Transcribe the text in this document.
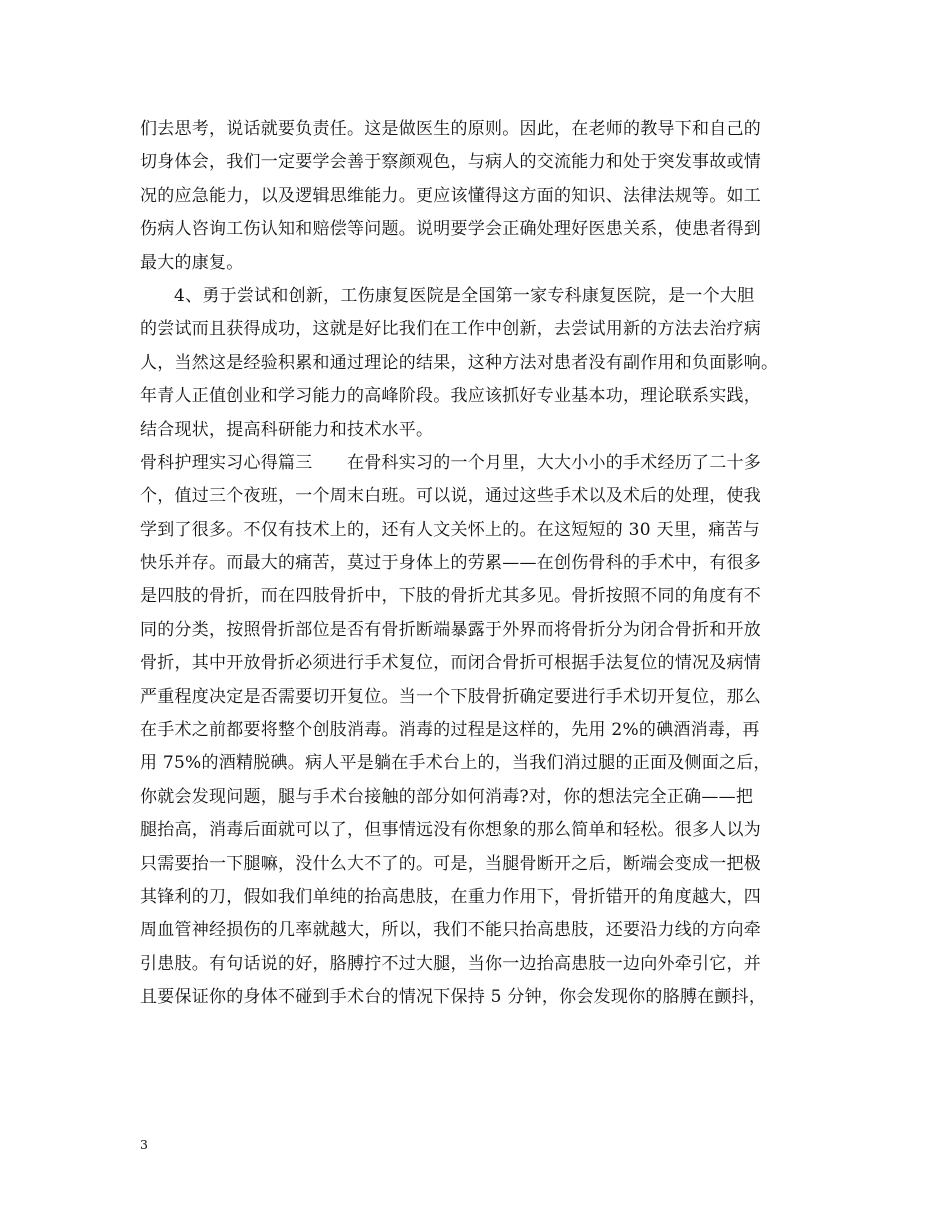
们去思考，说话就要负责任。这是做医生的原则。因此，在老师的教导下和自己的
切身体会，我们一定要学会善于察颜观色，与病人的交流能力和处于突发事故或情
况的应急能力，以及逻辑思维能力。更应该懂得这方面的知识、法律法规等。如工
伤病人咨询工伤认知和赔偿等问题。说明要学会正确处理好医患关系，使患者得到
最大的康复。
4、勇于尝试和创新，工伤康复医院是全国第一家专科康复医院，是一个大胆
的尝试而且获得成功，这就是好比我们在工作中创新，去尝试用新的方法去治疗病
人，当然这是经验积累和通过理论的结果，这种方法对患者没有副作用和负面影响。
年青人正值创业和学习能力的高峰阶段。我应该抓好专业基本功，理论联系实践，
结合现状，提高科研能力和技术水平。
骨科护理实习心得篇三　　在骨科实习的一个月里，大大小小的手术经历了二十多
个，值过三个夜班，一个周末白班。可以说，通过这些手术以及术后的处理，使我
学到了很多。不仅有技术上的，还有人文关怀上的。在这短短的 30 天里，痛苦与
快乐并存。而最大的痛苦，莫过于身体上的劳累——在创伤骨科的手术中，有很多
是四肢的骨折，而在四肢骨折中，下肢的骨折尤其多见。骨折按照不同的角度有不
同的分类，按照骨折部位是否有骨折断端暴露于外界而将骨折分为闭合骨折和开放
骨折，其中开放骨折必须进行手术复位，而闭合骨折可根据手法复位的情况及病情
严重程度决定是否需要切开复位。当一个下肢骨折确定要进行手术切开复位，那么
在手术之前都要将整个创肢消毒。消毒的过程是这样的，先用 2%的碘酒消毒，再
用 75%的酒精脱碘。病人平是躺在手术台上的，当我们消过腿的正面及侧面之后，
你就会发现问题，腿与手术台接触的部分如何消毒?对，你的想法完全正确——把
腿抬高，消毒后面就可以了，但事情远没有你想象的那么简单和轻松。很多人以为
只需要抬一下腿嘛，没什么大不了的。可是，当腿骨断开之后，断端会变成一把极
其锋利的刀，假如我们单纯的抬高患肢，在重力作用下，骨折错开的角度越大，四
周血管神经损伤的几率就越大，所以，我们不能只抬高患肢，还要沿力线的方向牵
引患肢。有句话说的好，胳膊拧不过大腿，当你一边抬高患肢一边向外牵引它，并
且要保证你的身体不碰到手术台的情况下保持 5 分钟，你会发现你的胳膊在颤抖，
3
